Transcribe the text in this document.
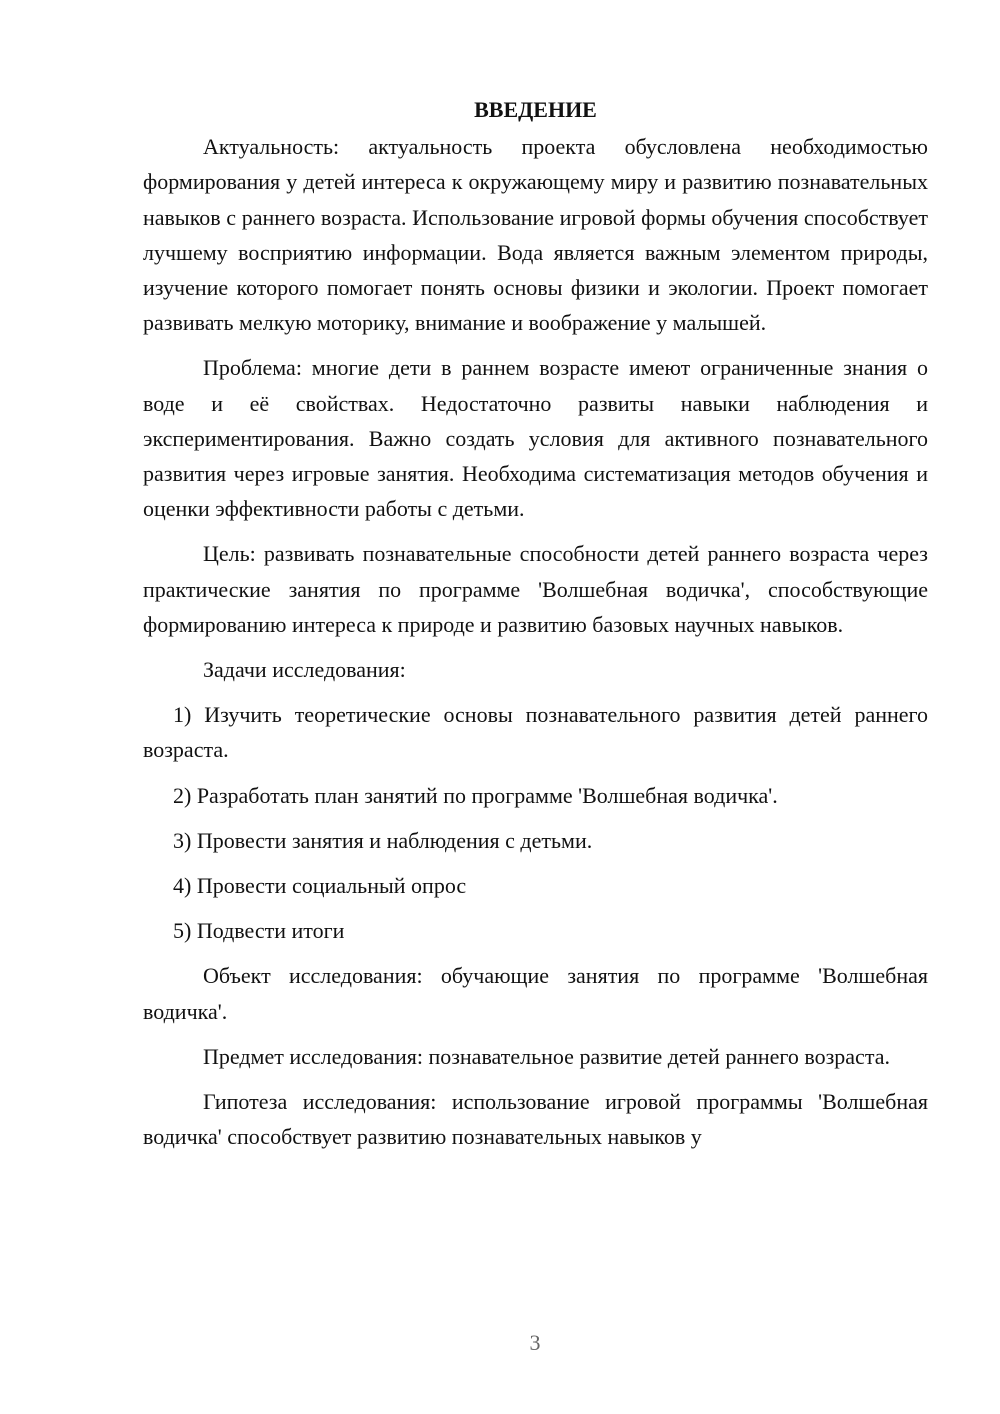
ВВЕДЕНИЕ

Актуальность: актуальность проекта обусловлена необходимостью формирования у детей интереса к окружающему миру и развитию познавательных навыков с раннего возраста. Использование игровой формы обучения способствует лучшему восприятию информации. Вода является важным элементом природы, изучение которого помогает понять основы физики и экологии. Проект помогает развивать мелкую моторику, внимание и воображение у малышей.

Проблема: многие дети в раннем возрасте имеют ограниченные знания о воде и её свойствах. Недостаточно развиты навыки наблюдения и экспериментирования. Важно создать условия для активного познавательного развития через игровые занятия. Необходима систематизация методов обучения и оценки эффективности работы с детьми.

Цель: развивать познавательные способности детей раннего возраста через практические занятия по программе 'Волшебная водичка', способствующие формированию интереса к природе и развитию базовых научных навыков.

Задачи исследования:

1) Изучить теоретические основы познавательного развития детей раннего возраста.

2) Разработать план занятий по программе 'Волшебная водичка'.

3) Провести занятия и наблюдения с детьми.

4) Провести социальный опрос

5) Подвести итоги

Объект исследования: обучающие занятия по программе 'Волшебная водичка'.

Предмет исследования: познавательное развитие детей раннего возраста.

Гипотеза исследования: использование игровой программы 'Волшебная водичка' способствует развитию познавательных навыков у

3
